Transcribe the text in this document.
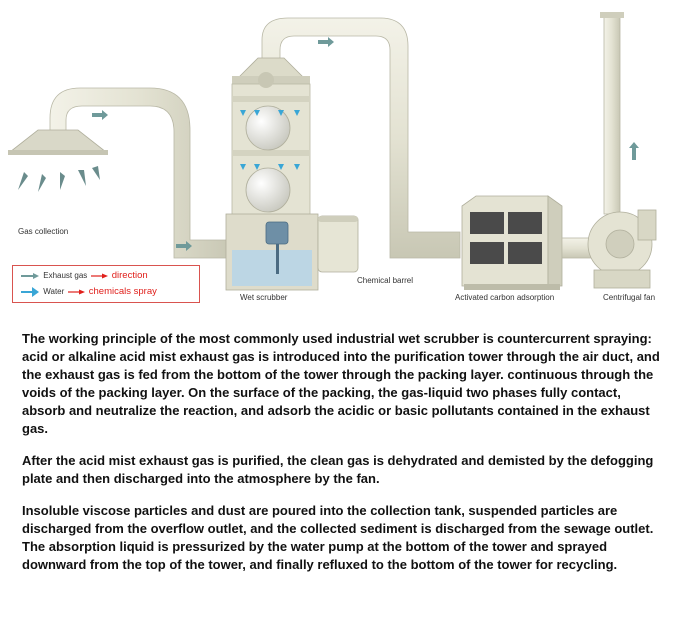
Gas collection
Wet scrubber
Chemical barrel
Activated carbon adsorption	Centrifugal fan
Exhaust gas	direction
Water	chemicals spray

The working principle of the most commonly used industrial wet scrubber is countercurrent spraying: acid or alkaline acid mist exhaust gas is introduced into the purification tower through the air duct, and the exhaust gas is fed from the bottom of the tower through the packing layer. continuous through the voids of the packing layer. On the surface of the packing, the gas-liquid two phases fully contact, absorb and neutralize the reaction, and adsorb the acidic or basic pollutants contained in the exhaust gas.

After the acid mist exhaust gas is purified, the clean gas is dehydrated and demisted by the defogging plate and then discharged into the atmosphere by the fan.

Insoluble viscose particles and dust are poured into the collection tank, suspended particles are discharged from the overflow outlet, and the collected sediment is discharged from the sewage outlet. The absorption liquid is pressurized by the water pump at the bottom of the tower and sprayed downward from the top of the tower, and finally refluxed to the bottom of the tower for recycling.
